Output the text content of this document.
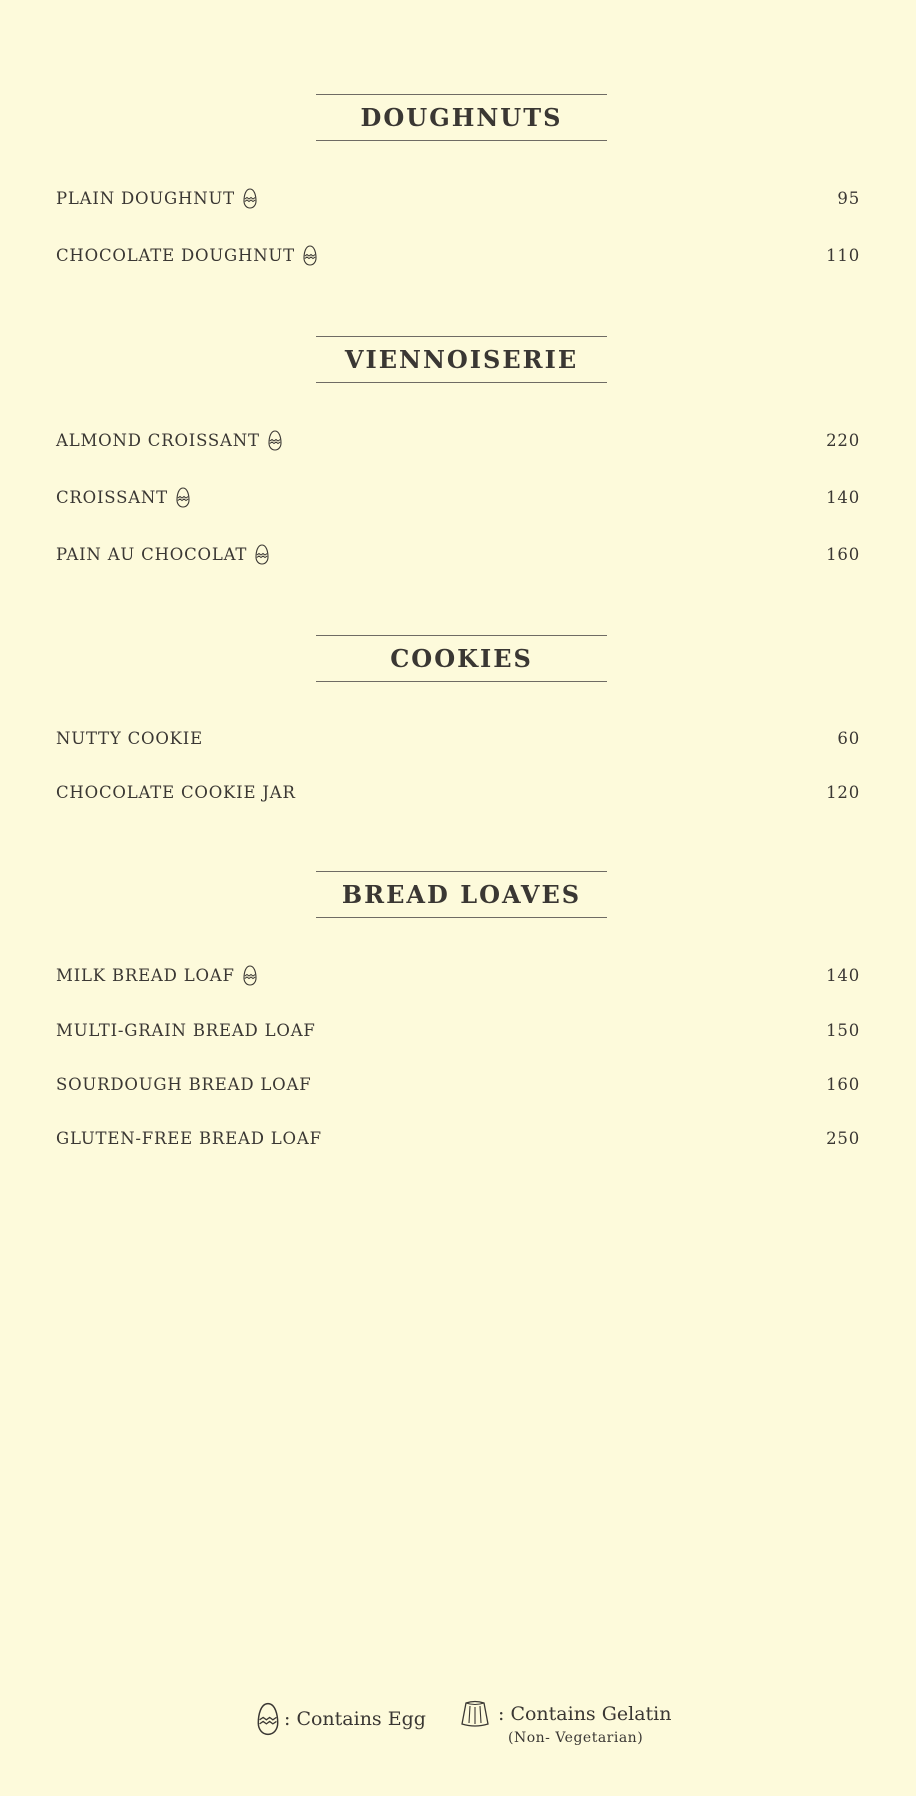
DOUGHNUTS
PLAIN DOUGHNUT	95
CHOCOLATE DOUGHNUT	110
VIENNOISERIE
ALMOND CROISSANT	220
CROISSANT	140
PAIN AU CHOCOLAT	160
COOKIES
NUTTY COOKIE	60
CHOCOLATE COOKIE JAR	120
BREAD LOAVES
MILK BREAD LOAF	140
MULTI-GRAIN BREAD LOAF	150
SOURDOUGH BREAD LOAF	160
GLUTEN-FREE BREAD LOAF	250
: Contains Egg	: Contains Gelatin
(Non- Vegetarian)
